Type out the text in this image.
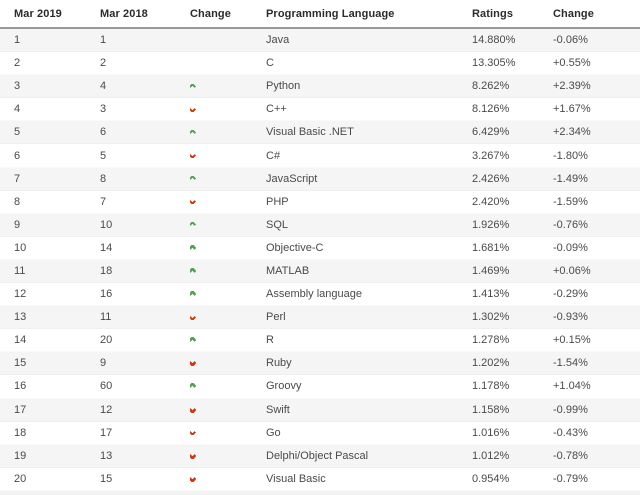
Mar 2019	Mar 2018	Change	Programming Language	Ratings	Change
1	1	Java	14.880%	-0.06%
2	2	C	13.305%	+0.55%
3	4	Python	8.262%	+2.39%
4	3	C++	8.126%	+1.67%
5	6	Visual Basic .NET	6.429%	+2.34%
6	5	C#	3.267%	-1.80%
7	8	JavaScript	2.426%	-1.49%
8	7	PHP	2.420%	-1.59%
9	10	SQL	1.926%	-0.76%
10	14	Objective-C	1.681%	-0.09%
11	18	MATLAB	1.469%	+0.06%
12	16	Assembly language	1.413%	-0.29%
13	11	Perl	1.302%	-0.93%
14	20	R	1.278%	+0.15%
15	9	Ruby	1.202%	-1.54%
16	60	Groovy	1.178%	+1.04%
17	12	Swift	1.158%	-0.99%
18	17	Go	1.016%	-0.43%
19	13	Delphi/Object Pascal	1.012%	-0.78%
20	15	Visual Basic	0.954%	-0.79%
